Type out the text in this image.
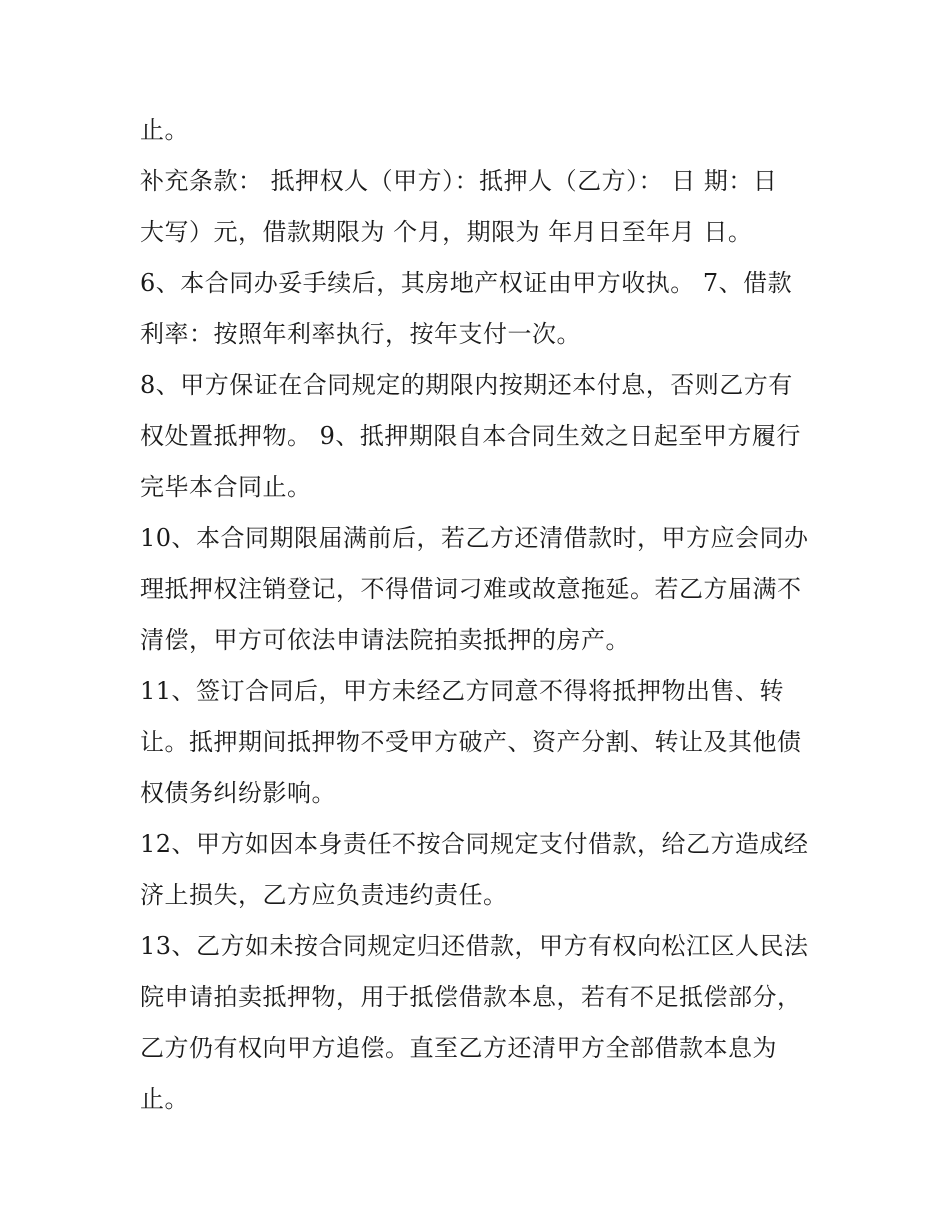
止。
补充条款： 抵押权人（甲方）：抵押人（乙方）： 日 期：日
大写）元，借款期限为 个月，期限为 年月日至年月 日。
6、本合同办妥手续后，其房地产权证由甲方收执。 7、借款
利率：按照年利率执行，按年支付一次。
8、甲方保证在合同规定的期限内按期还本付息，否则乙方有
权处置抵押物。 9、抵押期限自本合同生效之日起至甲方履行
完毕本合同止。
10、本合同期限届满前后，若乙方还清借款时，甲方应会同办
理抵押权注销登记，不得借词刁难或故意拖延。若乙方届满不
清偿，甲方可依法申请法院拍卖抵押的房产。
11、签订合同后，甲方未经乙方同意不得将抵押物出售、转
让。抵押期间抵押物不受甲方破产、资产分割、转让及其他债
权债务纠纷影响。
12、甲方如因本身责任不按合同规定支付借款，给乙方造成经
济上损失，乙方应负责违约责任。
13、乙方如未按合同规定归还借款，甲方有权向松江区人民法
院申请拍卖抵押物，用于抵偿借款本息，若有不足抵偿部分，
乙方仍有权向甲方追偿。直至乙方还清甲方全部借款本息为
止。
